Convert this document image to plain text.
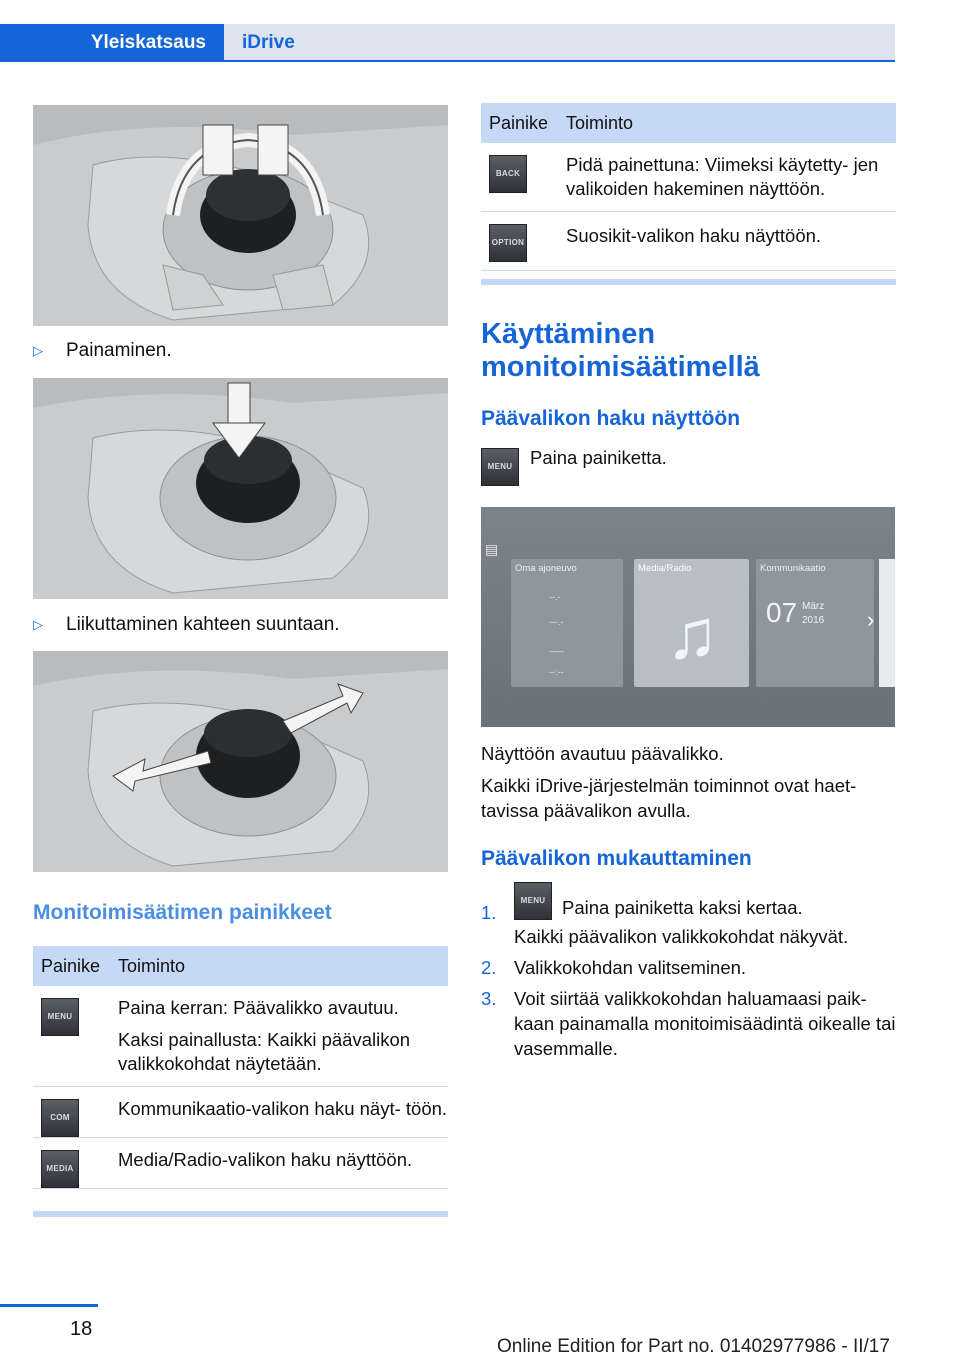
Yleiskatsaus	iDrive
▷	Painaminen.
▷	Liikuttaminen kahteen suuntaan.
Monitoimisäätimen painikkeet
Painike Toiminto
MENU	Paina kerran: Päävalikko avautuu.

Kaksi painallusta: Kaikki päävalikon valikkokohdat näytetään.

COM	Kommunikaatio-valikon haku näyt‐ töön.

MEDIA	Media/Radio-valikon haku näyttöön.

Painike Toiminto
BACK	Pidä painettuna: Viimeksi käytetty‐ jen valikoiden hakeminen näyttöön.

OPTION	Suosikit-valikon haku näyttöön.

Käyttäminen monitoimisäätimellä
Päävalikon haku näyttöön
MENU Paina painiketta.
▤
Oma ajoneuvo
--.-
---.-
___
--:--
Media/Radio
♫
Kommunikaatio
07 März
2016 ›
Näyttöön avautuu päävalikko.
Kaikki iDrive-järjestelmän toiminnot ovat haet‐ tavissa päävalikon avulla.
Päävalikon mukauttaminen
1.
MENU Paina painiketta kaksi kertaa.
Kaikki päävalikon valikkokohdat näkyvät.
2. Valikkokohdan valitseminen.
3. Voit siirtää valikkokohdan haluamaasi paik‐ kaan painamalla monitoimisäädintä oikealle tai vasemmalle.
18
Online Edition for Part no. 01402977986 - II/17
